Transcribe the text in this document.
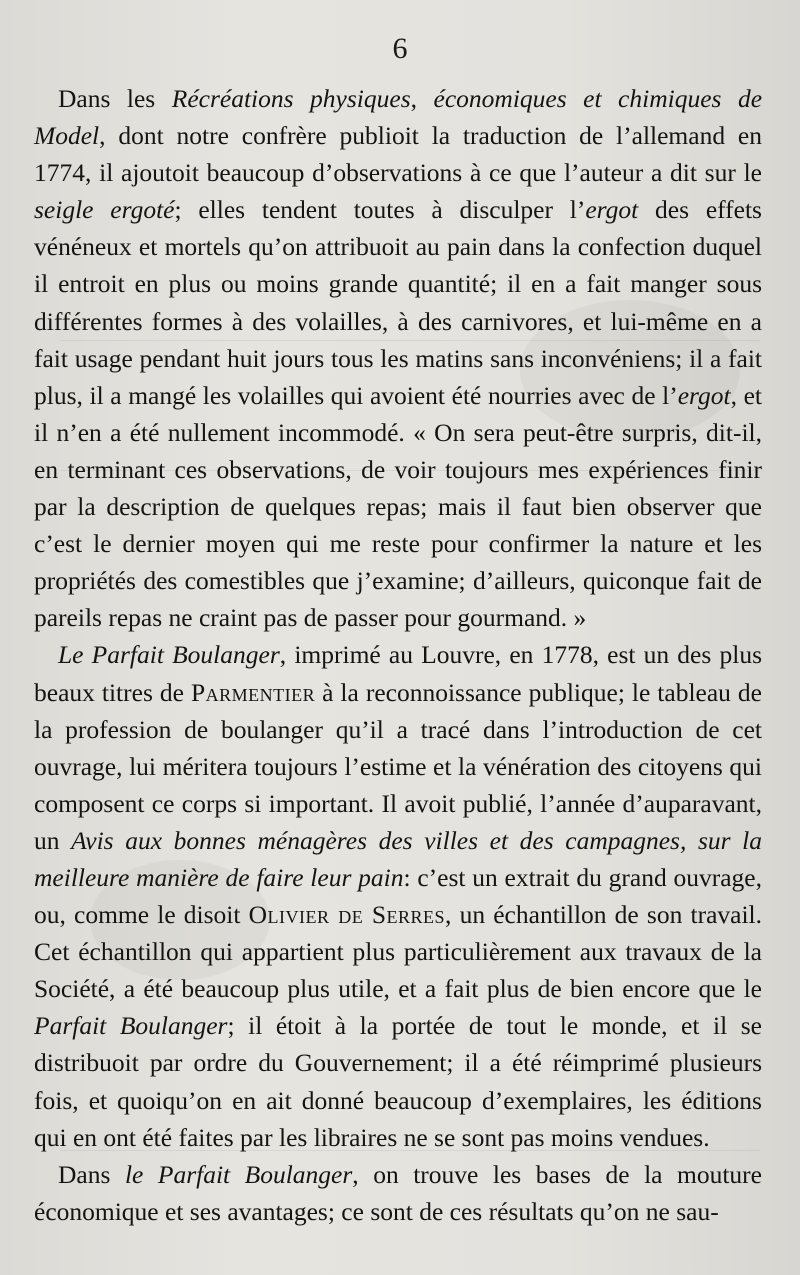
6

Dans les Récréations physiques, économiques et chimiques de Model, dont notre confrère publioit la traduction de l’allemand en 1774, il ajoutoit beaucoup d’observations à ce que l’auteur a dit sur le seigle ergoté; elles tendent toutes à disculper l’ergot des effets vénéneux et mortels qu’on attribuoit au pain dans la confection duquel il entroit en plus ou moins grande quantité; il en a fait manger sous différentes formes à des volailles, à des carnivores, et lui-même en a fait usage pendant huit jours tous les matins sans inconvéniens; il a fait plus, il a mangé les volailles qui avoient été nourries avec de l’ergot, et il n’en a été nullement incommodé. « On sera peut-être surpris, dit-il, en terminant ces observations, de voir toujours mes expériences finir par la description de quelques repas; mais il faut bien observer que c’est le dernier moyen qui me reste pour confirmer la nature et les propriétés des comestibles que j’examine; d’ailleurs, quiconque fait de pareils repas ne craint pas de passer pour gourmand. »

Le Parfait Boulanger, imprimé au Louvre, en 1778, est un des plus beaux titres de Parmentier à la reconnoissance publique; le tableau de la profession de boulanger qu’il a tracé dans l’introduction de cet ouvrage, lui méritera toujours l’estime et la vénération des citoyens qui composent ce corps si important. Il avoit publié, l’année d’auparavant, un Avis aux bonnes ménagères des villes et des campagnes, sur la meilleure manière de faire leur pain: c’est un extrait du grand ouvrage, ou, comme le disoit Olivier de Serres, un échantillon de son travail. Cet échantillon qui appartient plus particulièrement aux travaux de la Société, a été beaucoup plus utile, et a fait plus de bien encore que le Parfait Boulanger; il étoit à la portée de tout le monde, et il se distribuoit par ordre du Gouvernement; il a été réimprimé plusieurs fois, et quoiqu’on en ait donné beaucoup d’exemplaires, les éditions qui en ont été faites par les libraires ne se sont pas moins vendues.

Dans le Parfait Boulanger, on trouve les bases de la mouture économique et ses avantages; ce sont de ces résultats qu’on ne sau-
